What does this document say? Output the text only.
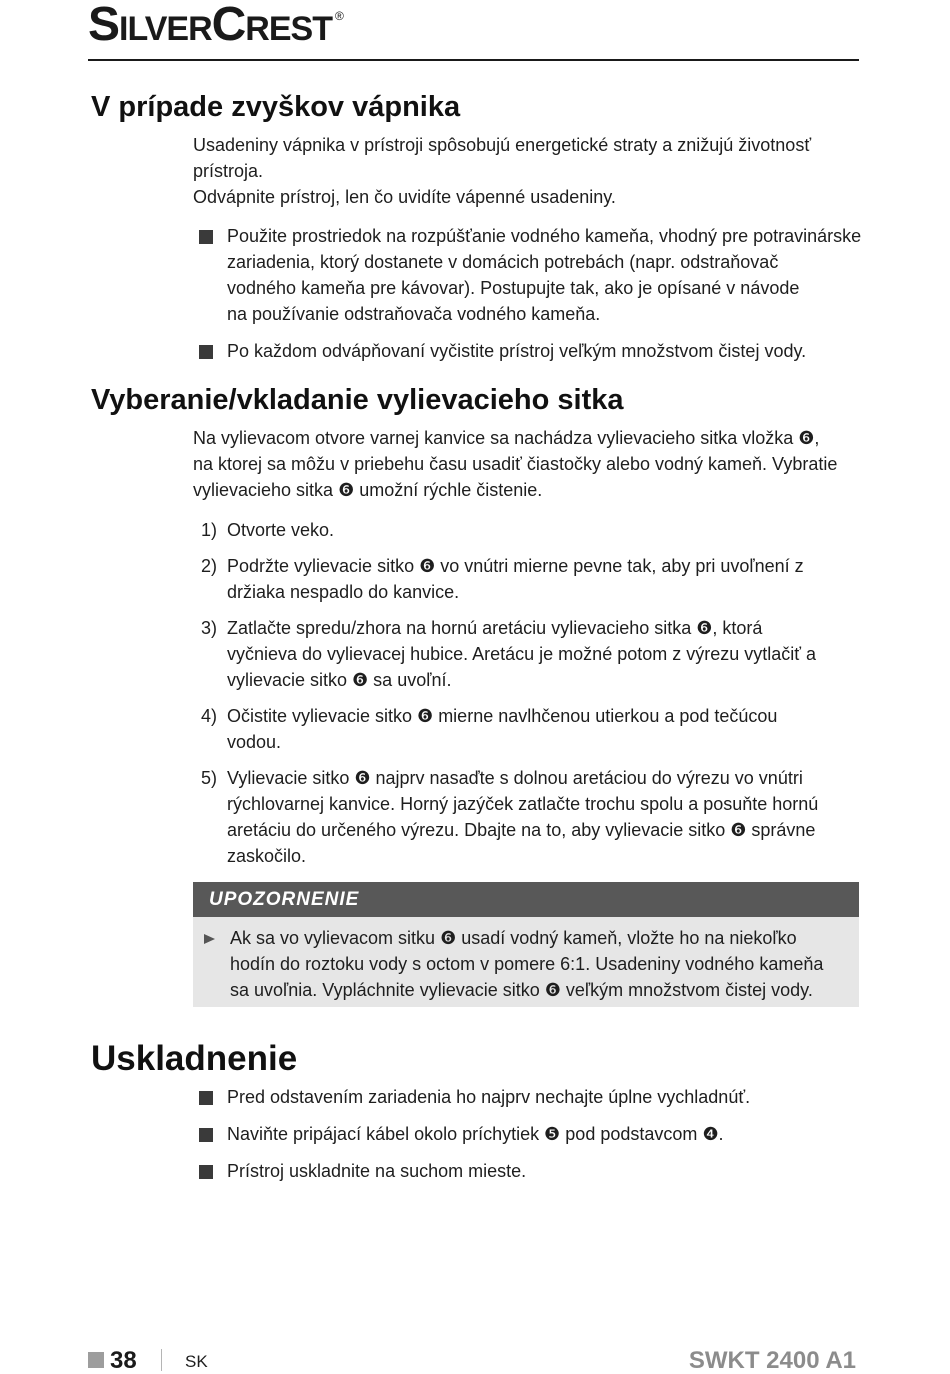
SilverCrest ®
V prípade zvyškov vápnika
Usadeniny vápnika v prístroji spôsobujú energetické straty a znižujú životnosť
prístroja.
Odvápnite prístroj, len čo uvidíte vápenné usadeniny.
Použite prostriedok na rozpúšťanie vodného kameňa, vhodný pre potravinárske
zariadenia, ktorý dostanete v domácich potrebách (napr. odstraňovač
vodného kameňa pre kávovar). Postupujte tak, ako je opísané v návode
na používanie odstraňovača vodného kameňa.
Po každom odvápňovaní vyčistite prístroj veľkým množstvom čistej vody.
Vyberanie/vkladanie vylievacieho sitka
Na vylievacom otvore varnej kanvice sa nachádza vylievacieho sitka vložka ❻,
na ktorej sa môžu v priebehu času usadiť čiastočky alebo vodný kameň. Vybratie
vylievacieho sitka ❻ umožní rýchle čistenie.
1) Otvorte veko.
2) Podržte vylievacie sitko ❻ vo vnútri mierne pevne tak, aby pri uvoľnení z
držiaka nespadlo do kanvice.
3) Zatlačte spredu/zhora na hornú aretáciu vylievacieho sitka ❻, ktorá
vyčnieva do vylievacej hubice. Aretácu je možné potom z výrezu vytlačiť a
vylievacie sitko ❻ sa uvoľní.
4) Očistite vylievacie sitko ❻ mierne navlhčenou utierkou a pod tečúcou
vodou.
5) Vylievacie sitko ❻ najprv nasaďte s dolnou aretáciou do výrezu vo vnútri
rýchlovarnej kanvice. Horný jazýček zatlačte trochu spolu a posuňte hornú
aretáciu do určeného výrezu. Dbajte na to, aby vylievacie sitko ❻ správne
zaskočilo.
UPOZORNENIE
Ak sa vo vylievacom sitku ❻ usadí vodný kameň, vložte ho na niekoľko
hodín do roztoku vody s octom v pomere 6:1. Usadeniny vodného kameňa
sa uvoľnia. Vypláchnite vylievacie sitko ❻ veľkým množstvom čistej vody.
Uskladnenie
Pred odstavením zariadenia ho najprv nechajte úplne vychladnúť.
Naviňte pripájací kábel okolo príchytiek ❺ pod podstavcom ❹.
Prístroj uskladnite na suchom mieste.
38	SK	SWKT 2400 A1
